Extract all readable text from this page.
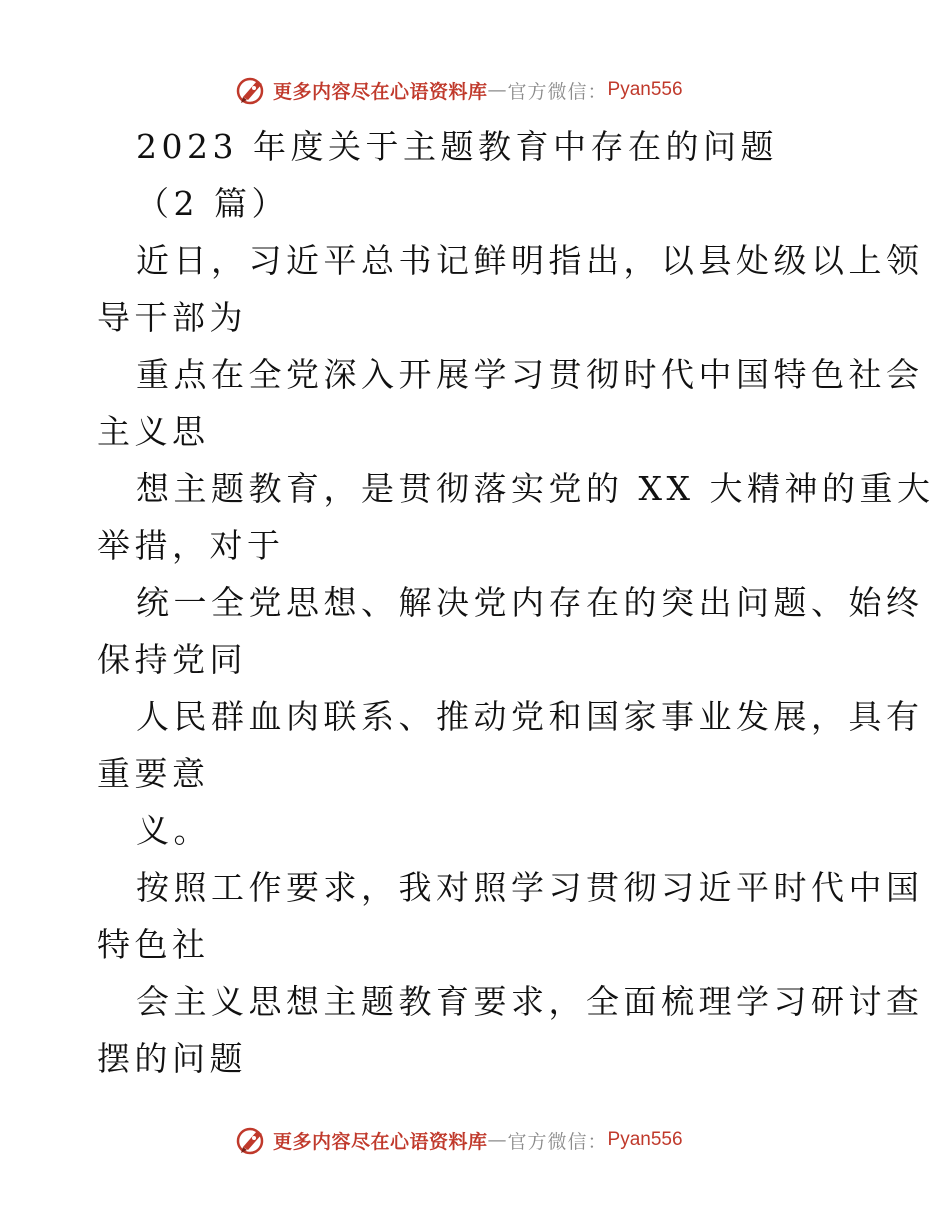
更多内容尽在心语资料库 — 官方微信： Pyan556
2023 年度关于主题教育中存在的问题
（2 篇）
近日，习近平总书记鲜明指出，以县处级以上领
导干部为
重点在全党深入开展学习贯彻时代中国特色社会
主义思
想主题教育，是贯彻落实党的 XX 大精神的重大
举措，对于
统一全党思想、解决党内存在的突出问题、始终
保持党同
人民群血肉联系、推动党和国家事业发展，具有
重要意
义。
按照工作要求，我对照学习贯彻习近平时代中国
特色社
会主义思想主题教育要求，全面梳理学习研讨查
摆的问题
更多内容尽在心语资料库 — 官方微信： Pyan556
